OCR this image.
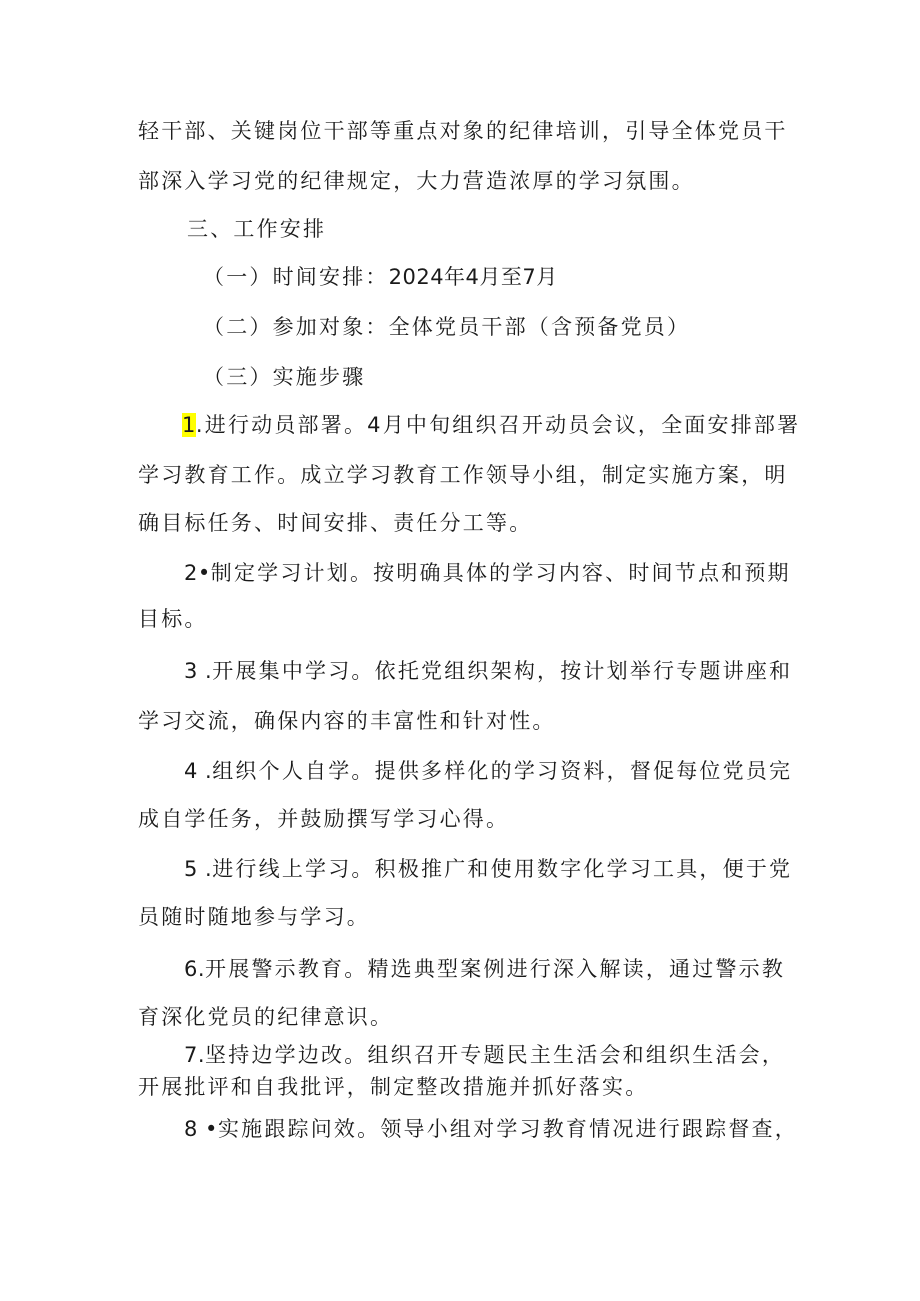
轻干部、关键岗位干部等重点对象的纪律培训，引导全体党员干
部深入学习党的纪律规定，大力营造浓厚的学习氛围。
三、工作安排
（一）时间安排：2024年4月至7月
（二）参加对象：全体党员干部（含预备党员）
（三）实施步骤
1.进行动员部署。4月中旬组织召开动员会议，全面安排部署
学习教育工作。成立学习教育工作领导小组，制定实施方案，明
确目标任务、时间安排、责任分工等。
2•制定学习计划。按明确具体的学习内容、时间节点和预期
目标。
3 .开展集中学习。依托党组织架构，按计划举行专题讲座和
学习交流，确保内容的丰富性和针对性。
4 .组织个人自学。提供多样化的学习资料，督促每位党员完
成自学任务，并鼓励撰写学习心得。
5 .进行线上学习。积极推广和使用数字化学习工具，便于党
员随时随地参与学习。
6.开展警示教育。精选典型案例进行深入解读，通过警示教
育深化党员的纪律意识。
7.坚持边学边改。组织召开专题民主生活会和组织生活会，
开展批评和自我批评，制定整改措施并抓好落实。
8 •实施跟踪问效。领导小组对学习教育情况进行跟踪督查，
